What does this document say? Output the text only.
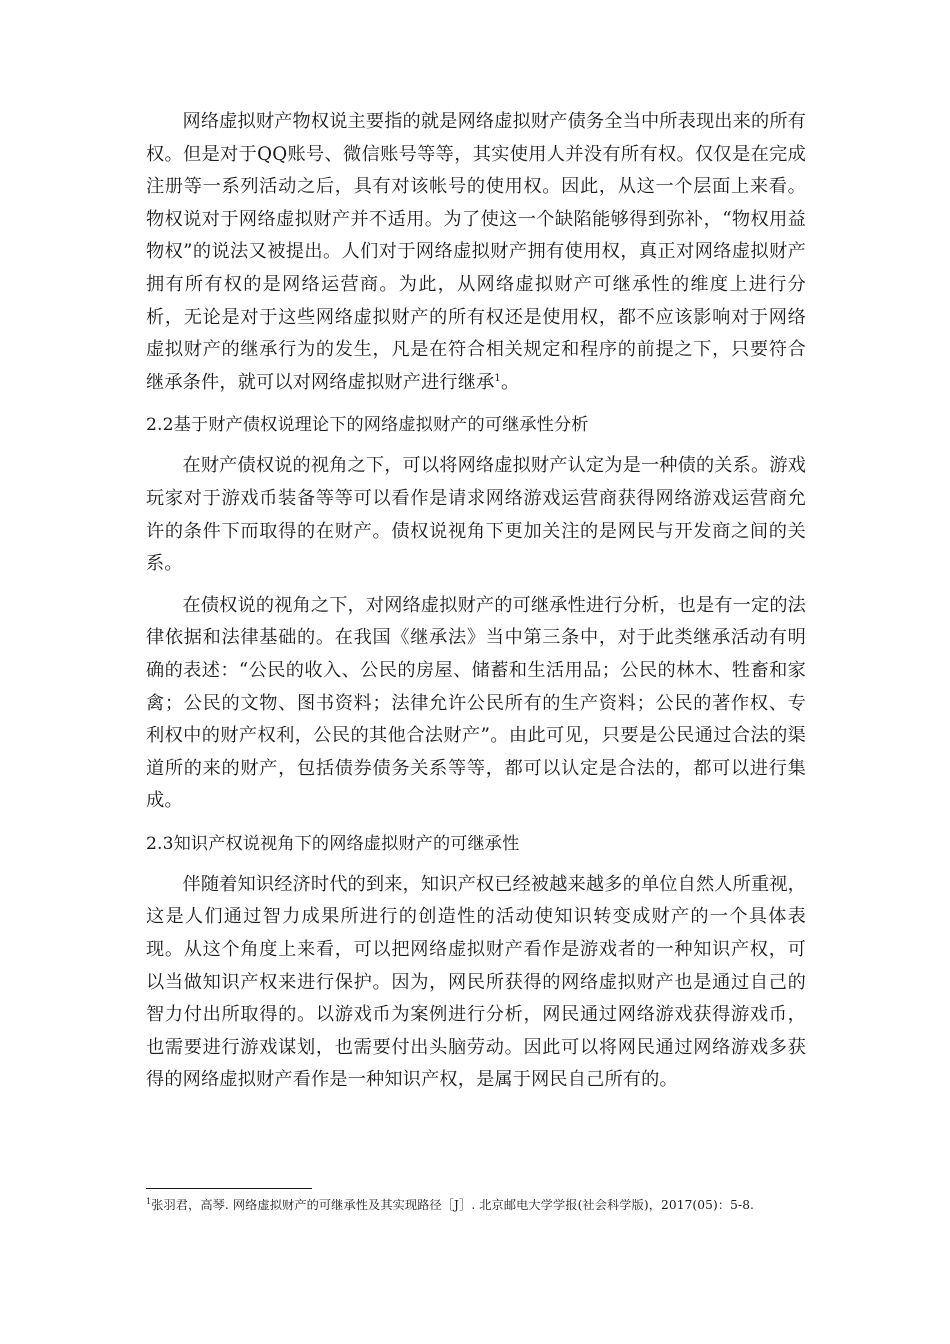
网络虚拟财产物权说主要指的就是网络虚拟财产债务全当中所表现出来的所有权。但是对于QQ账号、微信账号等等，其实使用人并没有所有权。仅仅是在完成注册等一系列活动之后，具有对该帐号的使用权。因此，从这一个层面上来看。物权说对于网络虚拟财产并不适用。为了使这一个缺陷能够得到弥补，“物权用益物权”的说法又被提出。人们对于网络虚拟财产拥有使用权，真正对网络虚拟财产拥有所有权的是网络运营商。为此，从网络虚拟财产可继承性的维度上进行分析，无论是对于这些网络虚拟财产的所有权还是使用权，都不应该影响对于网络虚拟财产的继承行为的发生，凡是在符合相关规定和程序的前提之下，只要符合继承条件，就可以对网络虚拟财产进行继承$^1$。

2.2基于财产债权说理论下的网络虚拟财产的可继承性分析

在财产债权说的视角之下，可以将网络虚拟财产认定为是一种债的关系。游戏玩家对于游戏币装备等等可以看作是请求网络游戏运营商获得网络游戏运营商允许的条件下而取得的在财产。债权说视角下更加关注的是网民与开发商之间的关系。

在债权说的视角之下，对网络虚拟财产的可继承性进行分析，也是有一定的法律依据和法律基础的。在我国《继承法》当中第三条中，对于此类继承活动有明确的表述：“公民的收入、公民的房屋、储蓄和生活用品；公民的林木、牲畜和家禽；公民的文物、图书资料；法律允许公民所有的生产资料；公民的著作权、专利权中的财产权利，公民的其他合法财产”。由此可见，只要是公民通过合法的渠道所的来的财产，包括债券债务关系等等，都可以认定是合法的，都可以进行集成。

2.3知识产权说视角下的网络虚拟财产的可继承性

伴随着知识经济时代的到来，知识产权已经被越来越多的单位自然人所重视，这是人们通过智力成果所进行的创造性的活动使知识转变成财产的一个具体表现。从这个角度上来看，可以把网络虚拟财产看作是游戏者的一种知识产权，可以当做知识产权来进行保护。因为，网民所获得的网络虚拟财产也是通过自己的智力付出所取得的。以游戏币为案例进行分析，网民通过网络游戏获得游戏币，也需要进行游戏谋划，也需要付出头脑劳动。因此可以将网民通过网络游戏多获得的网络虚拟财产看作是一种知识产权，是属于网民自己所有的。

$^1$张羽君，高琴. 网络虚拟财产的可继承性及其实现路径［J］. 北京邮电大学学报(社会科学版)，2017(05)：5-8.
